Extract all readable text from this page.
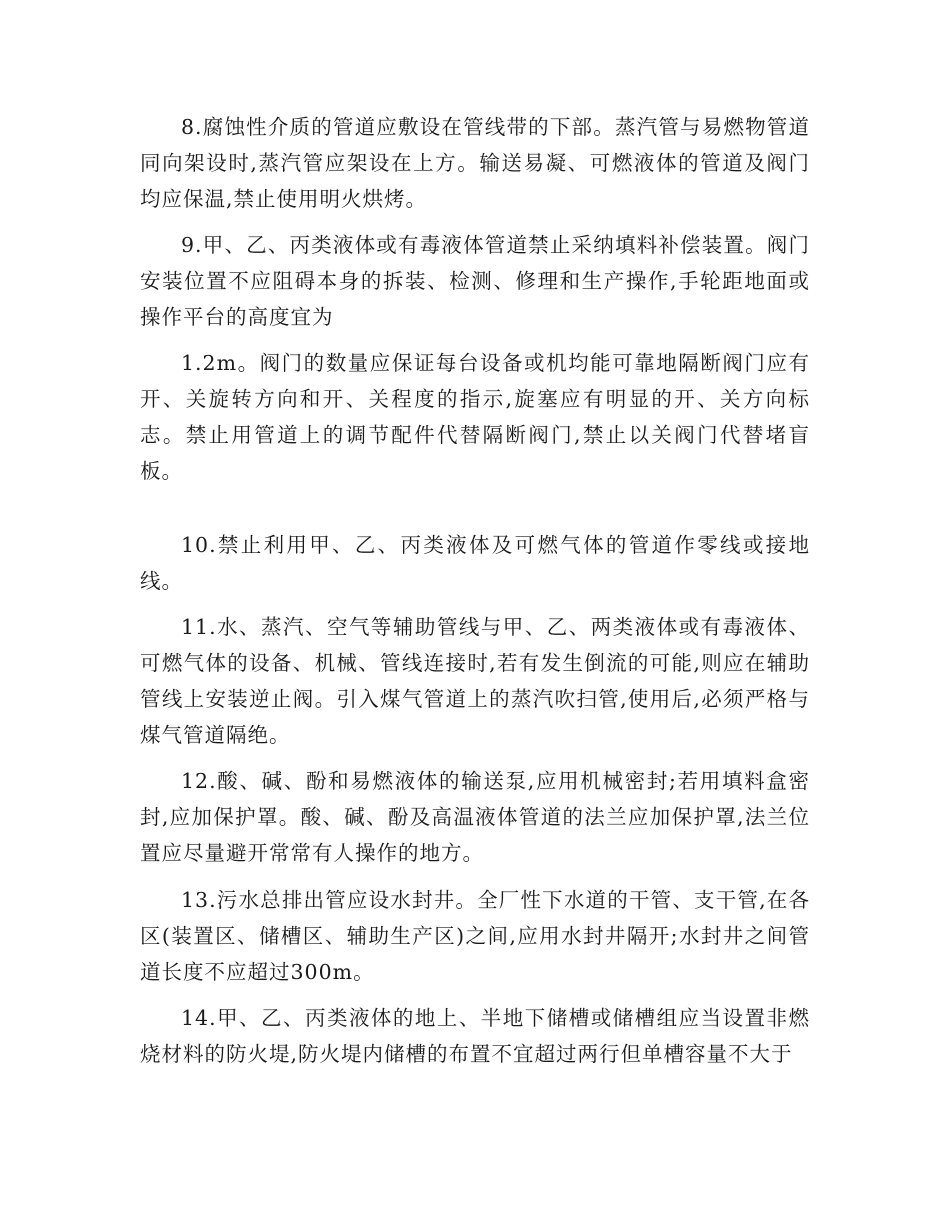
8.腐蚀性介质的管道应敷设在管线带的下部。蒸汽管与易燃物管道同向架设时,蒸汽管应架设在上方。输送易凝、可燃液体的管道及阀门均应保温,禁止使用明火烘烤。

9.甲、乙、丙类液体或有毒液体管道禁止采纳填料补偿装置。阀门安装位置不应阻碍本身的拆装、检测、修理和生产操作,手轮距地面或操作平台的高度宜为

1.2m。阀门的数量应保证每台设备或机均能可靠地隔断阀门应有开、关旋转方向和开、关程度的指示,旋塞应有明显的开、关方向标志。禁止用管道上的调节配件代替隔断阀门,禁止以关阀门代替堵盲板。

10.禁止利用甲、乙、丙类液体及可燃气体的管道作零线或接地线。

11.水、蒸汽、空气等辅助管线与甲、乙、两类液体或有毒液体、可燃气体的设备、机械、管线连接时,若有发生倒流的可能,则应在辅助管线上安装逆止阀。引入煤气管道上的蒸汽吹扫管,使用后,必须严格与煤气管道隔绝。

12.酸、碱、酚和易燃液体的输送泵,应用机械密封;若用填料盒密封,应加保护罩。酸、碱、酚及高温液体管道的法兰应加保护罩,法兰位置应尽量避开常常有人操作的地方。

13.污水总排出管应设水封井。全厂性下水道的干管、支干管,在各区(装置区、储槽区、辅助生产区)之间,应用水封井隔开;水封井之间管道长度不应超过300m。

14.甲、乙、丙类液体的地上、半地下储槽或储槽组应当设置非燃烧材料的防火堤,防火堤内储槽的布置不宜超过两行但单槽容量不大于
